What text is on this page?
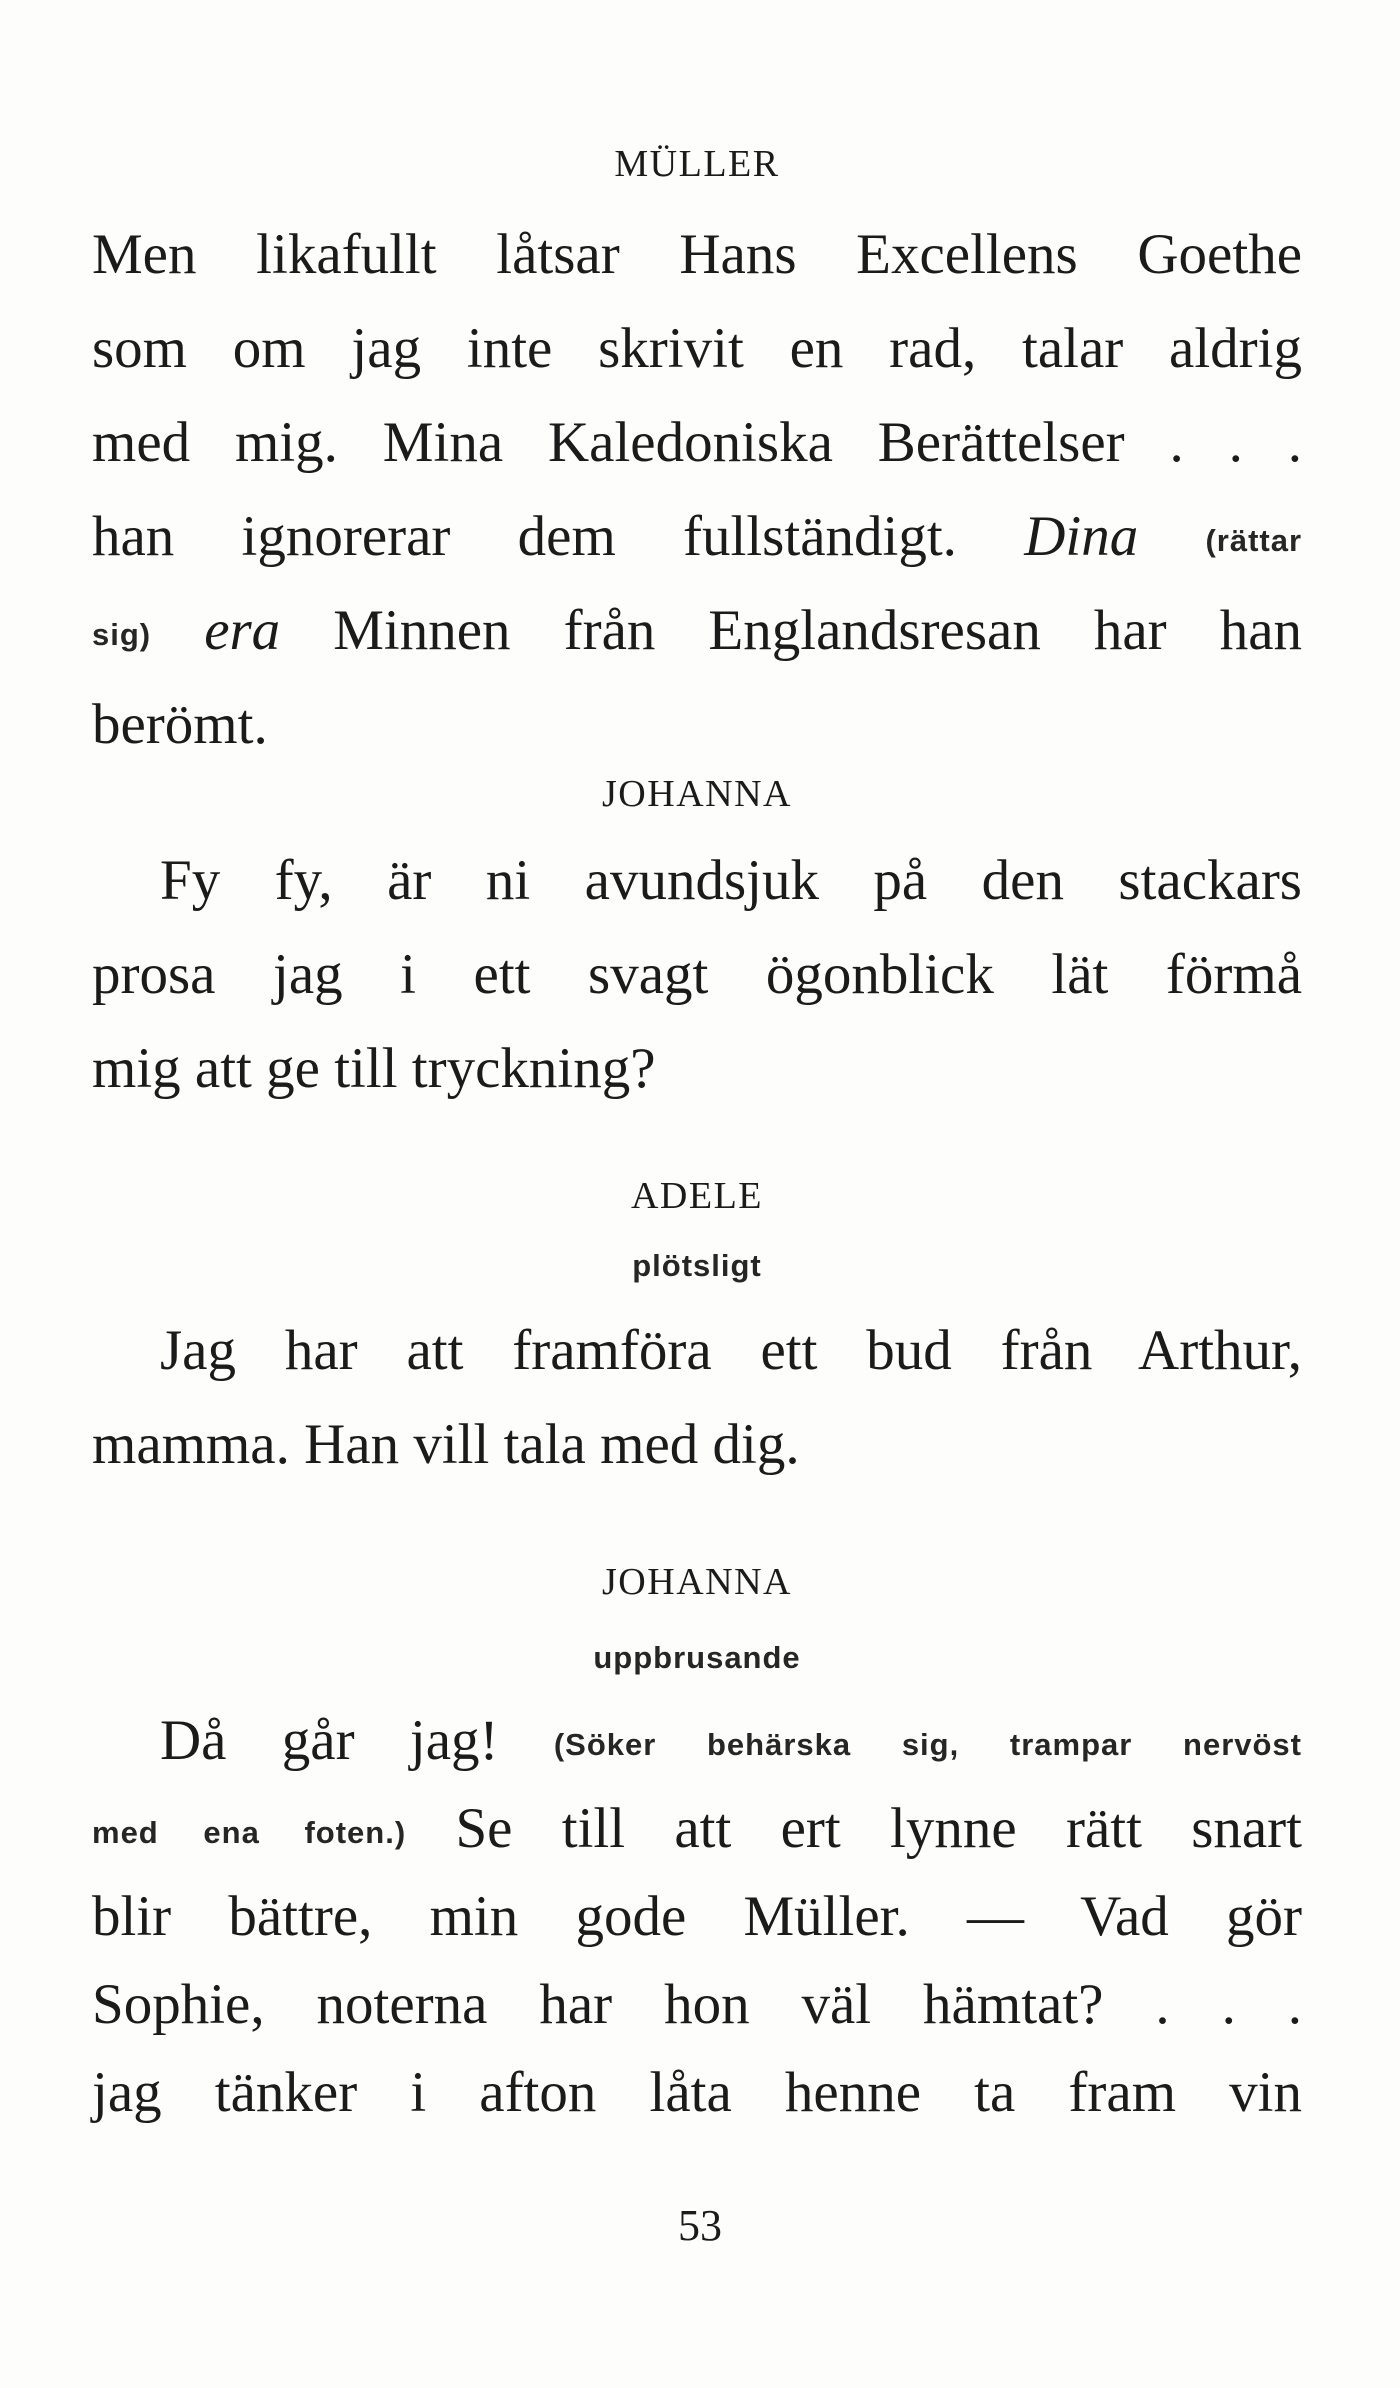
MÜLLER
Men likafullt låtsar Hans Excellens Goethe
som om jag inte skrivit en rad, talar aldrig
med mig. Mina Kaledoniska Berättelser . . .
han ignorerar dem fullständigt. Dina (rättar
sig) era Minnen från Englandsresan har han
berömt.
JOHANNA
Fy fy, är ni avundsjuk på den stackars
prosa jag i ett svagt ögonblick lät förmå
mig att ge till tryckning?
ADELE
plötsligt
Jag har att framföra ett bud från Arthur,
mamma. Han vill tala med dig.
JOHANNA
uppbrusande
Då går jag! (Söker behärska sig, trampar nervöst
med ena foten.) Se till att ert lynne rätt snart
blir bättre, min gode Müller. — Vad gör
Sophie, noterna har hon väl hämtat? . . .
jag tänker i afton låta henne ta fram vin
53
